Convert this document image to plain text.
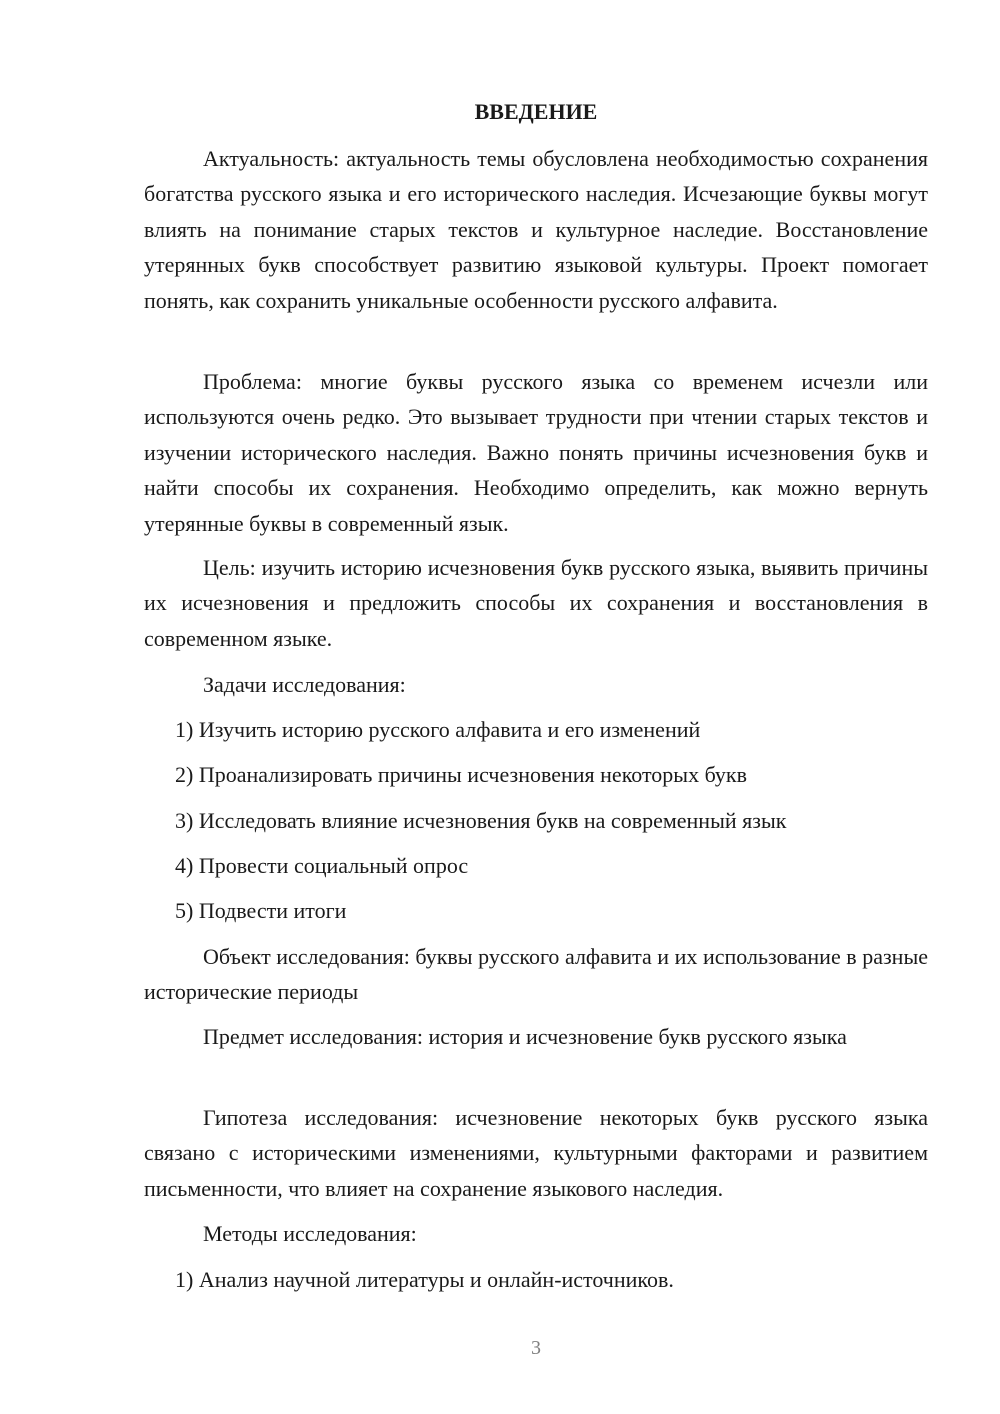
ВВЕДЕНИЕ

Актуальность: актуальность темы обусловлена необходимостью сохранения богатства русского языка и его исторического наследия. Исчезающие буквы могут влиять на понимание старых текстов и культурное наследие. Восстановление утерянных букв способствует развитию языковой культуры. Проект помогает понять, как сохранить уникальные особенности русского алфавита.

Проблема: многие буквы русского языка со временем исчезли или используются очень редко. Это вызывает трудности при чтении старых текстов и изучении исторического наследия. Важно понять причины исчезновения букв и найти способы их сохранения. Необходимо определить, как можно вернуть утерянные буквы в современный язык.

Цель: изучить историю исчезновения букв русского языка, выявить причины их исчезновения и предложить способы их сохранения и восстановления в современном языке.

Задачи исследования:

1) Изучить историю русского алфавита и его изменений

2) Проанализировать причины исчезновения некоторых букв

3) Исследовать влияние исчезновения букв на современный язык

4) Провести социальный опрос

5) Подвести итоги

Объект исследования: буквы русского алфавита и их использование в разные исторические периоды

Предмет исследования: история и исчезновение букв русского языка

Гипотеза исследования: исчезновение некоторых букв русского языка связано с историческими изменениями, культурными факторами и развитием письменности, что влияет на сохранение языкового наследия.

Методы исследования:

1) Анализ научной литературы и онлайн-источников.

3
